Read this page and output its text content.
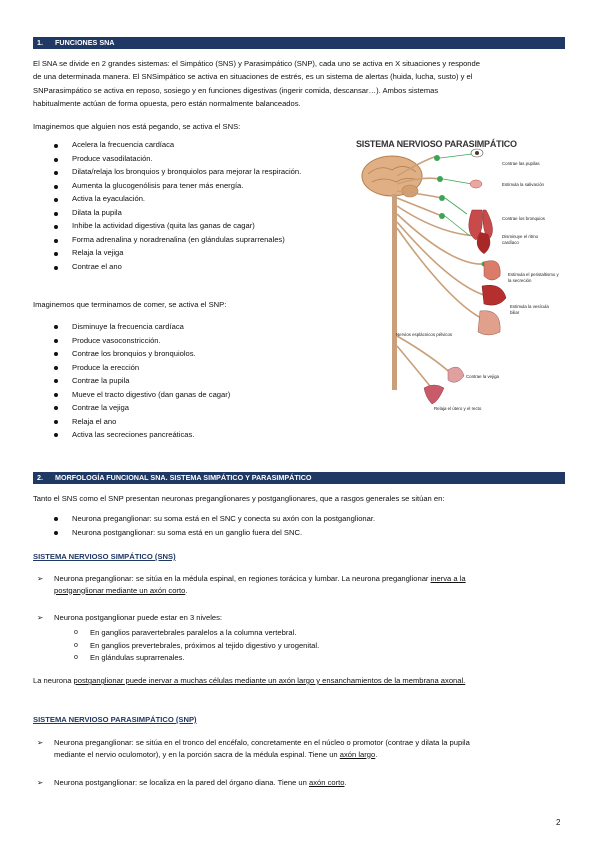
1. FUNCIONES SNA

El SNA se divide en 2 grandes sistemas: el Simpático (SNS) y Parasimpático (SNP), cada uno se activa en X situaciones y responde

de una determinada manera. El SNSimpático se activa en situaciones de estrés, es un sistema de alertas (huida, lucha, susto) y el

SNParasimpático se activa en reposo, sosiego y en funciones digestivas (ingerir comida, descansar…). Ambos sistemas

habitualmente actúan de forma opuesta, pero están normalmente balanceados.

Imaginemos que alguien nos está pegando, se activa el SNS:

Acelera la frecuencia cardíaca
Produce vasodilatación.
Dilata/relaja los bronquios y bronquiolos para mejorar la respiración.
Aumenta la glucogenólisis para tener más energía.
Activa la eyaculación.
Dilata la pupila
Inhibe la actividad digestiva (quita las ganas de cagar)
Forma adrenalina y noradrenalina (en glándulas suprarrenales)
Relaja la vejiga
Contrae el ano

Imaginemos que terminamos de comer, se activa el SNP:

Disminuye la frecuencia cardíaca
Produce vasoconstricción.
Contrae los bronquios y bronquiolos.
Produce la erección
Contrae la pupila
Mueve el tracto digestivo (dan ganas de cagar)
Contrae la vejiga
Relaja el ano
Activa las secreciones pancreáticas.
SISTEMA NERVIOSO PARASIMPÁTICO
Contrae las pupilas
Estimula la salivación
Contrae los bronquios
Disminuye el ritmo cardíaco
Estimula el peristaltismo y la secreción
Estimula la vesícula biliar
Nervios esplácnicos pélvicos
Contrae la vejiga
Relaja el útero y el recto
2. MORFOLOGÍA FUNCIONAL SNA. SISTEMA SIMPÁTICO Y PARASIMPÁTICO

Tanto el SNS como el SNP presentan neuronas preganglionares y postganglionares, que a rasgos generales se sitúan en:

Neurona preganglionar: su soma está en el SNC y conecta su axón con la postganglionar.
Neurona postganglionar: su soma está en un ganglio fuera del SNC.
SISTEMA NERVIOSO SIMPÁTICO (SNS)
➢ Neurona preganglionar: se sitúa en la médula espinal, en regiones torácica y lumbar. La neurona preganglionar inerva a la
postganglionar mediante un axón corto.
➢ Neurona postganglionar puede estar en 3 niveles:
o En ganglios paravertebrales paralelos a la columna vertebral.
o En ganglios prevertebrales, próximos al tejido digestivo y urogenital.
o En glándulas suprarrenales.

La neurona postganglionar puede inervar a muchas células mediante un axón largo y ensanchamientos de la membrana axonal.

SISTEMA NERVIOSO PARASIMPÁTICO (SNP)
➢ Neurona preganglionar: se sitúa en el tronco del encéfalo, concretamente en el núcleo o promotor (contrae y dilata la pupila
mediante el nervio oculomotor), y en la porción sacra de la médula espinal. Tiene un axón largo.
➢ Neurona postganglionar: se localiza en la pared del órgano diana. Tiene un axón corto.
2
